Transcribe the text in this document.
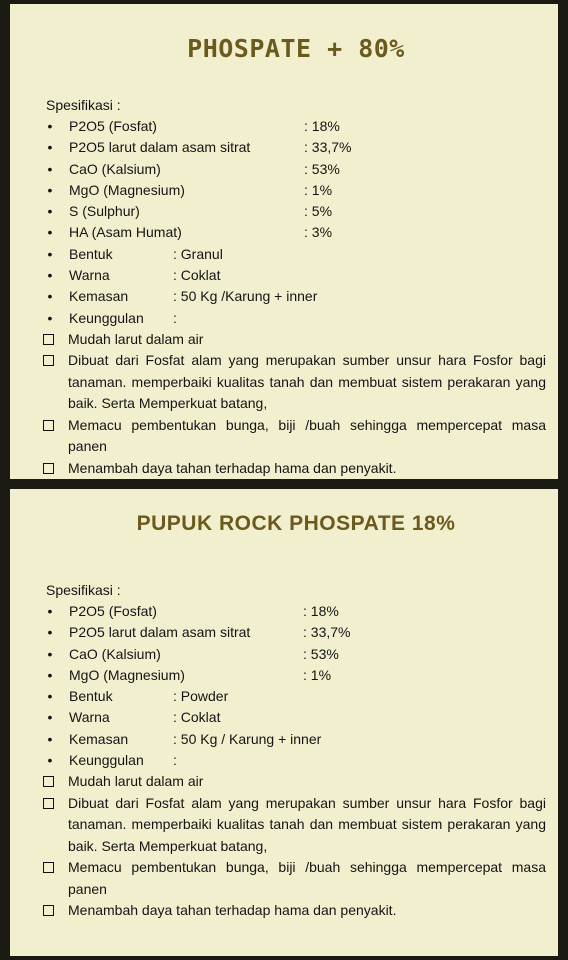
PHOSPATE + 80%

Spesifikasi :

• P2O5 (Fosfat)	: 18%
• P2O5 larut dalam asam sitrat	: 33,7%
• CaO (Kalsium)	: 53%
• MgO (Magnesium)	: 1%
• S (Sulphur)	: 5%
• HA (Asam Humat)	: 3%
• Bentuk	: Granul
• Warna	: Coklat
• Kemasan	: 50 Kg /Karung + inner
• Keunggulan :
Mudah larut dalam air
Dibuat dari Fosfat alam yang merupakan sumber unsur hara Fosfor bagi tanaman. memperbaiki kualitas tanah dan membuat sistem perakaran yang baik. Serta Memperkuat batang,
Memacu pembentukan bunga, biji /buah sehingga mempercepat masa panen
Menambah daya tahan terhadap hama dan penyakit.
PUPUK ROCK PHOSPATE 18%

Spesifikasi :

• P2O5 (Fosfat)	: 18%
• P2O5 larut dalam asam sitrat	: 33,7%
• CaO (Kalsium)	: 53%
• MgO (Magnesium)	: 1%
• Bentuk	: Powder
• Warna	: Coklat
• Kemasan	: 50 Kg / Karung + inner
• Keunggulan :
Mudah larut dalam air
Dibuat dari Fosfat alam yang merupakan sumber unsur hara Fosfor bagi tanaman. memperbaiki kualitas tanah dan membuat sistem perakaran yang baik. Serta Memperkuat batang,
Memacu pembentukan bunga, biji /buah sehingga mempercepat masa panen
Menambah daya tahan terhadap hama dan penyakit.
